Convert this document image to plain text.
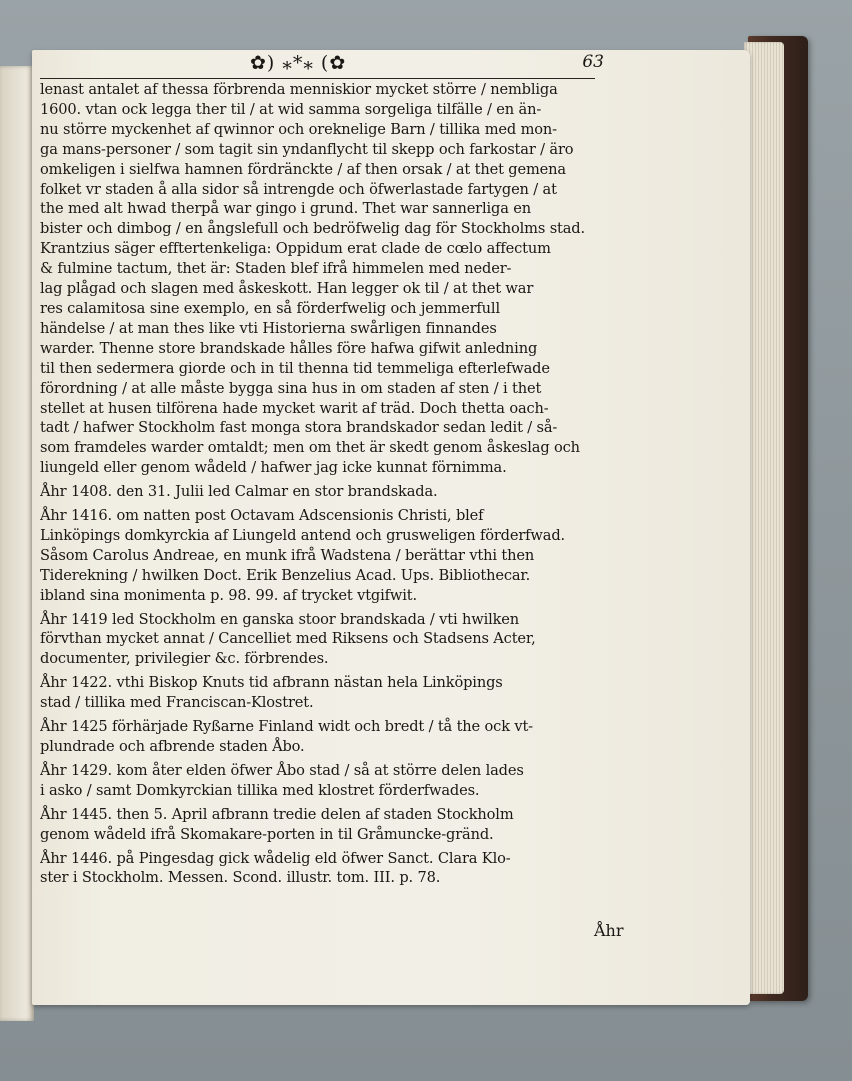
✿) ⁎*⁎ (✿	63
lenast antalet af thessa förbrenda menniskior mycket större / nembliga
1600. vtan ock legga ther til / at wid samma sorgeliga tilfälle / en än-
nu större myckenhet af qwinnor och oreknelige Barn / tillika med mon-
ga mans-personer / som tagit sin yndanflycht til skepp och farkostar / äro
omkeligen i sielfwa hamnen fördränckte / af then orsak / at thet gemena
folket vr staden å alla sidor så intrengde och öfwerlastade fartygen / at
the med alt hwad therpå war gingo i grund. Thet war sannerliga en
bister och dimbog / en ångslefull och bedröfwelig dag för Stockholms stad.
Krantzius säger efftertenkeliga: Oppidum erat clade de cœlo affectum
& fulmine tactum, thet är: Staden blef ifrå himmelen med neder-
lag plågad och slagen med åskeskott. Han legger ok til / at thet war
res calamitosa sine exemplo, en så förderfwelig och jemmerfull
händelse / at man thes like vti Historierna swårligen finnandes
warder. Thenne store brandskade hålles före hafwa gifwit anledning
til then sedermera giorde och in til thenna tid temmeliga efterlefwade
förordning / at alle måste bygga sina hus in om staden af sten / i thet
stellet at husen tilförena hade mycket warit af träd. Doch thetta oach-
tadt / hafwer Stockholm fast monga stora brandskador sedan ledit / så-
som framdeles warder omtaldt; men om thet är skedt genom åskeslag och
liungeld eller genom wådeld / hafwer jag icke kunnat förnimma.
Åhr 1408. den 31. Julii led Calmar en stor brandskada.
Åhr 1416. om natten post Octavam Adscensionis Christi, blef
Linköpings domkyrckia af Liungeld antend och gruswеligen förderfwad.
Såsom Carolus Andreae, en munk ifrå Wadstena / berättar vthi then
Tiderekning / hwilken Doct. Erik Benzelius Acad. Ups. Bibliothecar.
ibland sina monimenta p. 98. 99. af trycket vtgifwit.
Åhr 1419 led Stockholm en ganska stoor brandskada / vti hwilken
förvthan mycket annat / Cancelliet med Riksens och Stadsens Acter,
documenter, privilegier &c. förbrendes.
Åhr 1422. vthi Biskop Knuts tid afbrann nästan hela Linköpings
stad / tillika med Franciscan-Klostret.
Åhr 1425 förhärjade Ryßarne Finland widt och bredt / tå the ock vt-
plundrade och afbrende staden Åbo.
Åhr 1429. kom åter elden öfwer Åbo stad / så at större delen lades
i asko / samt Domkyrckian tillika med klostret förderfwades.
Åhr 1445. then 5. April afbrann tredie delen af staden Stockholm
genom wådeld ifrå Skomakare-porten in til Gråmuncke-gränd.
Åhr 1446. på Pingesdag gick wådelig eld öfwer Sanct. Clara Klo-
ster i Stockholm. Messen. Scond. illustr. tom. III. p. 78.
Åhr
